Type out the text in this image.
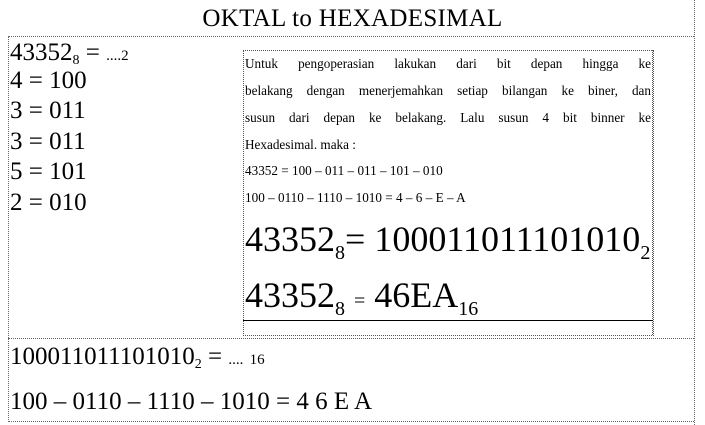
OKTAL to HEXADESIMAL
$43352_8 = ....2$
4 = 100
3 = 011
3 = 011
5 = 101
2 = 010
Untuk pengoperasian lakukan dari bit depan hingga ke
belakang dengan menerjemahkan setiap bilangan ke biner, dan
susun dari depan ke belakang. Lalu susun 4 bit binner ke
Hexadesimal. maka :
43352 = 100 – 011 – 011 – 101 – 010
100 – 0110 – 1110 – 1010 = 4 – 6 – E – A
$43352_8= 100011011101010_2$
$43352_8 = 46EA_{16}$
$100011011101010_2$ = .... 16
100 – 0110 – 1110 – 1010 = 4 6 E A
